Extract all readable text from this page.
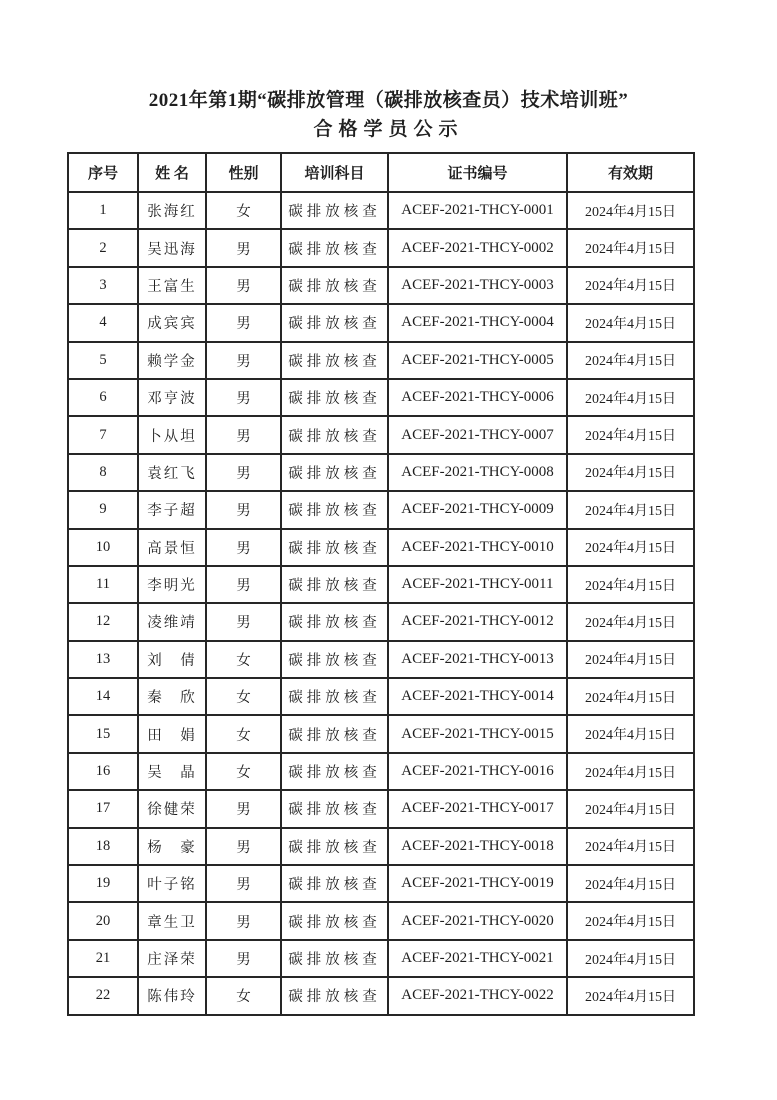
2021年第1期“碳排放管理（碳排放核查员）技术培训班”
合格学员公示
序号	姓 名	性别	培训科目	证书编号	有效期
1	张海红	女	碳排放核查	ACEF-2021-THCY-0001	2024年4月15日
2	吴迅海	男	碳排放核查	ACEF-2021-THCY-0002	2024年4月15日
3	王富生	男	碳排放核查	ACEF-2021-THCY-0003	2024年4月15日
4	成宾宾	男	碳排放核查	ACEF-2021-THCY-0004	2024年4月15日
5	赖学金	男	碳排放核查	ACEF-2021-THCY-0005	2024年4月15日
6	邓亨波	男	碳排放核查	ACEF-2021-THCY-0006	2024年4月15日
7	卜从坦	男	碳排放核查	ACEF-2021-THCY-0007	2024年4月15日
8	袁红飞	男	碳排放核查	ACEF-2021-THCY-0008	2024年4月15日
9	李子超	男	碳排放核查	ACEF-2021-THCY-0009	2024年4月15日
10	高景恒	男	碳排放核查	ACEF-2021-THCY-0010	2024年4月15日
11	李明光	男	碳排放核查	ACEF-2021-THCY-0011	2024年4月15日
12	凌维靖	男	碳排放核查	ACEF-2021-THCY-0012	2024年4月15日
13	刘　倩	女	碳排放核查	ACEF-2021-THCY-0013	2024年4月15日
14	秦　欣	女	碳排放核查	ACEF-2021-THCY-0014	2024年4月15日
15	田　娟	女	碳排放核查	ACEF-2021-THCY-0015	2024年4月15日
16	吴　晶	女	碳排放核查	ACEF-2021-THCY-0016	2024年4月15日
17	徐健荣	男	碳排放核查	ACEF-2021-THCY-0017	2024年4月15日
18	杨　豪	男	碳排放核查	ACEF-2021-THCY-0018	2024年4月15日
19	叶子铭	男	碳排放核查	ACEF-2021-THCY-0019	2024年4月15日
20	章生卫	男	碳排放核查	ACEF-2021-THCY-0020	2024年4月15日
21	庄泽荣	男	碳排放核查	ACEF-2021-THCY-0021	2024年4月15日
22	陈伟玲	女	碳排放核查	ACEF-2021-THCY-0022	2024年4月15日
